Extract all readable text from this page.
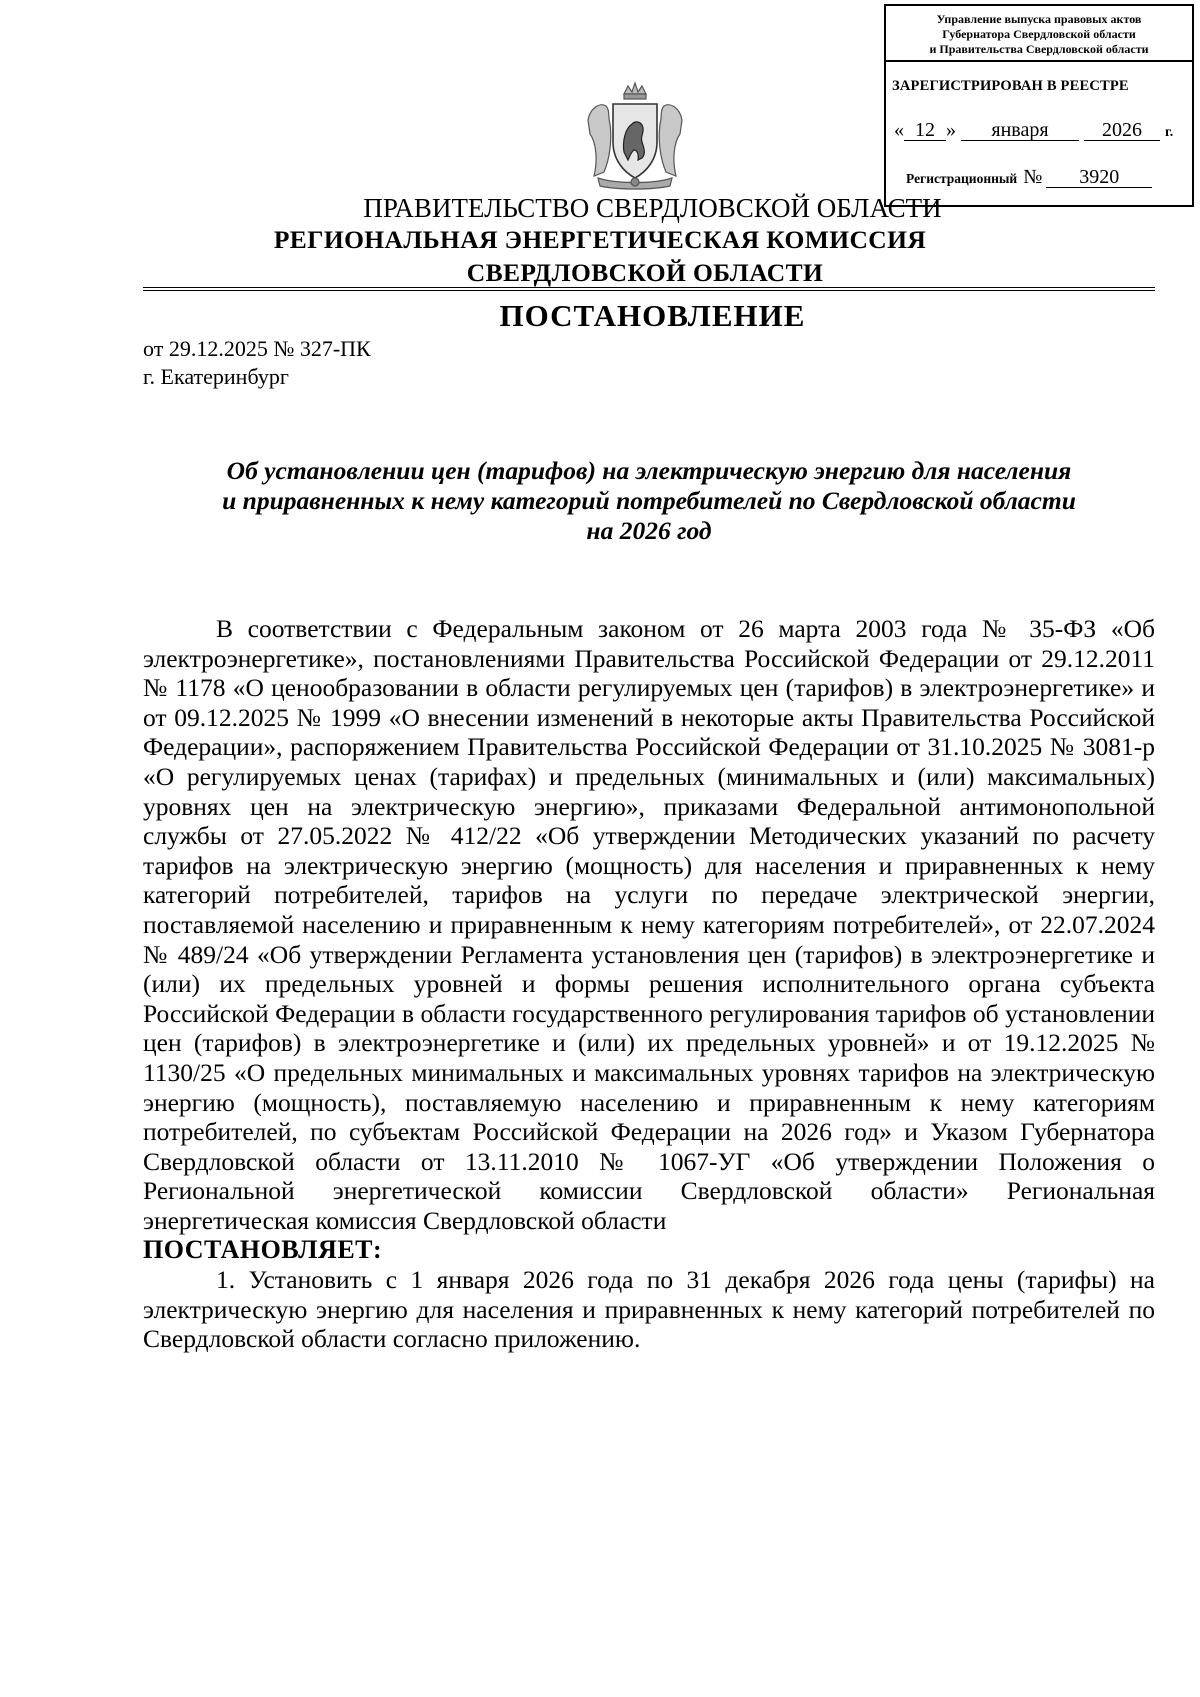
Управление выпуска правовых актов
Губернатора Свердловской области
и Правительства Свердловской области
ЗАРЕГИСТРИРОВАН В РЕЕСТРЕ
« 12 » января	2026 г.
Регистрационный № 3920
ПРАВИТЕЛЬСТВО СВЕРДЛОВСКОЙ ОБЛАСТИ
РЕГИОНАЛЬНАЯ ЭНЕРГЕТИЧЕСКАЯ КОМИССИЯ
СВЕРДЛОВСКОЙ ОБЛАСТИ
ПОСТАНОВЛЕНИЕ
от 29.12.2025 № 327-ПК
г. Екатеринбург
Об установлении цен (тарифов) на электрическую энергию для населения
и приравненных к нему категорий потребителей по Свердловской области
на 2026 год

В соответствии с Федеральным законом от 26 марта 2003 года № 35-ФЗ «Об электроэнергетике», постановлениями Правительства Российской Федерации от 29.12.2011 № 1178 «О ценообразовании в области регулируемых цен (тарифов) в электроэнергетике» и от 09.12.2025 № 1999 «О внесении изменений в некоторые акты Правительства Российской Федерации», распоряжением Правительства Российской Федерации от 31.10.2025 № 3081-р «О регулируемых ценах (тарифах) и предельных (минимальных и (или) максимальных) уровнях цен на электрическую энергию», приказами Федеральной антимонопольной службы от 27.05.2022 № 412/22 «Об утверждении Методических указаний по расчету тарифов на электрическую энергию (мощность) для населения и приравненных к нему категорий потребителей, тарифов на услуги по передаче электрической энергии, поставляемой населению и приравненным к нему категориям потребителей», от 22.07.2024 № 489/24 «Об утверждении Регламента установления цен (тарифов) в электроэнергетике и (или) их предельных уровней и формы решения исполнительного органа субъекта Российской Федерации в области государственного регулирования тарифов об установлении цен (тарифов) в электроэнергетике и (или) их предельных уровней» и от 19.12.2025 № 1130/25 «О предельных минимальных и максимальных уровнях тарифов на электрическую энергию (мощность), поставляемую населению и приравненным к нему категориям потребителей, по субъектам Российской Федерации на 2026 год» и Указом Губернатора Свердловской области от 13.11.2010 № 1067-УГ «Об утверждении Положения о Региональной энергетической комиссии Свердловской области» Региональная энергетическая комиссия Свердловской области

ПОСТАНОВЛЯЕТ:

1. Установить с 1 января 2026 года по 31 декабря 2026 года цены (тарифы) на электрическую энергию для населения и приравненных к нему категорий потребителей по Свердловской области согласно приложению.
